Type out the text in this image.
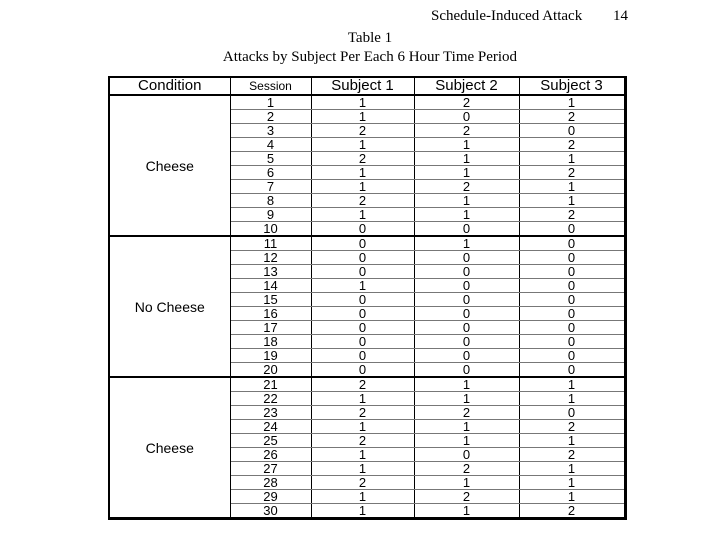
Schedule-Induced Attack 14
Table 1
Attacks by Subject Per Each 6 Hour Time Period
Condition	Session	Subject 1	Subject 2	Subject 3
Cheese	1	1	2	1
	2	1	0	2
	3	2	2	0
	4	1	1	2
	5	2	1	1
	6	1	1	2
	7	1	2	1
	8	2	1	1
	9	1	1	2
	10	0	0	0
No Cheese	11	0	1	0
	12	0	0	0
	13	0	0	0
	14	1	0	0
	15	0	0	0
	16	0	0	0
	17	0	0	0
	18	0	0	0
	19	0	0	0
	20	0	0	0
Cheese	21	2	1	1
	22	1	1	1
	23	2	2	0
	24	1	1	2
	25	2	1	1
	26	1	0	2
	27	1	2	1
	28	2	1	1
	29	1	2	1
	30	1	1	2
